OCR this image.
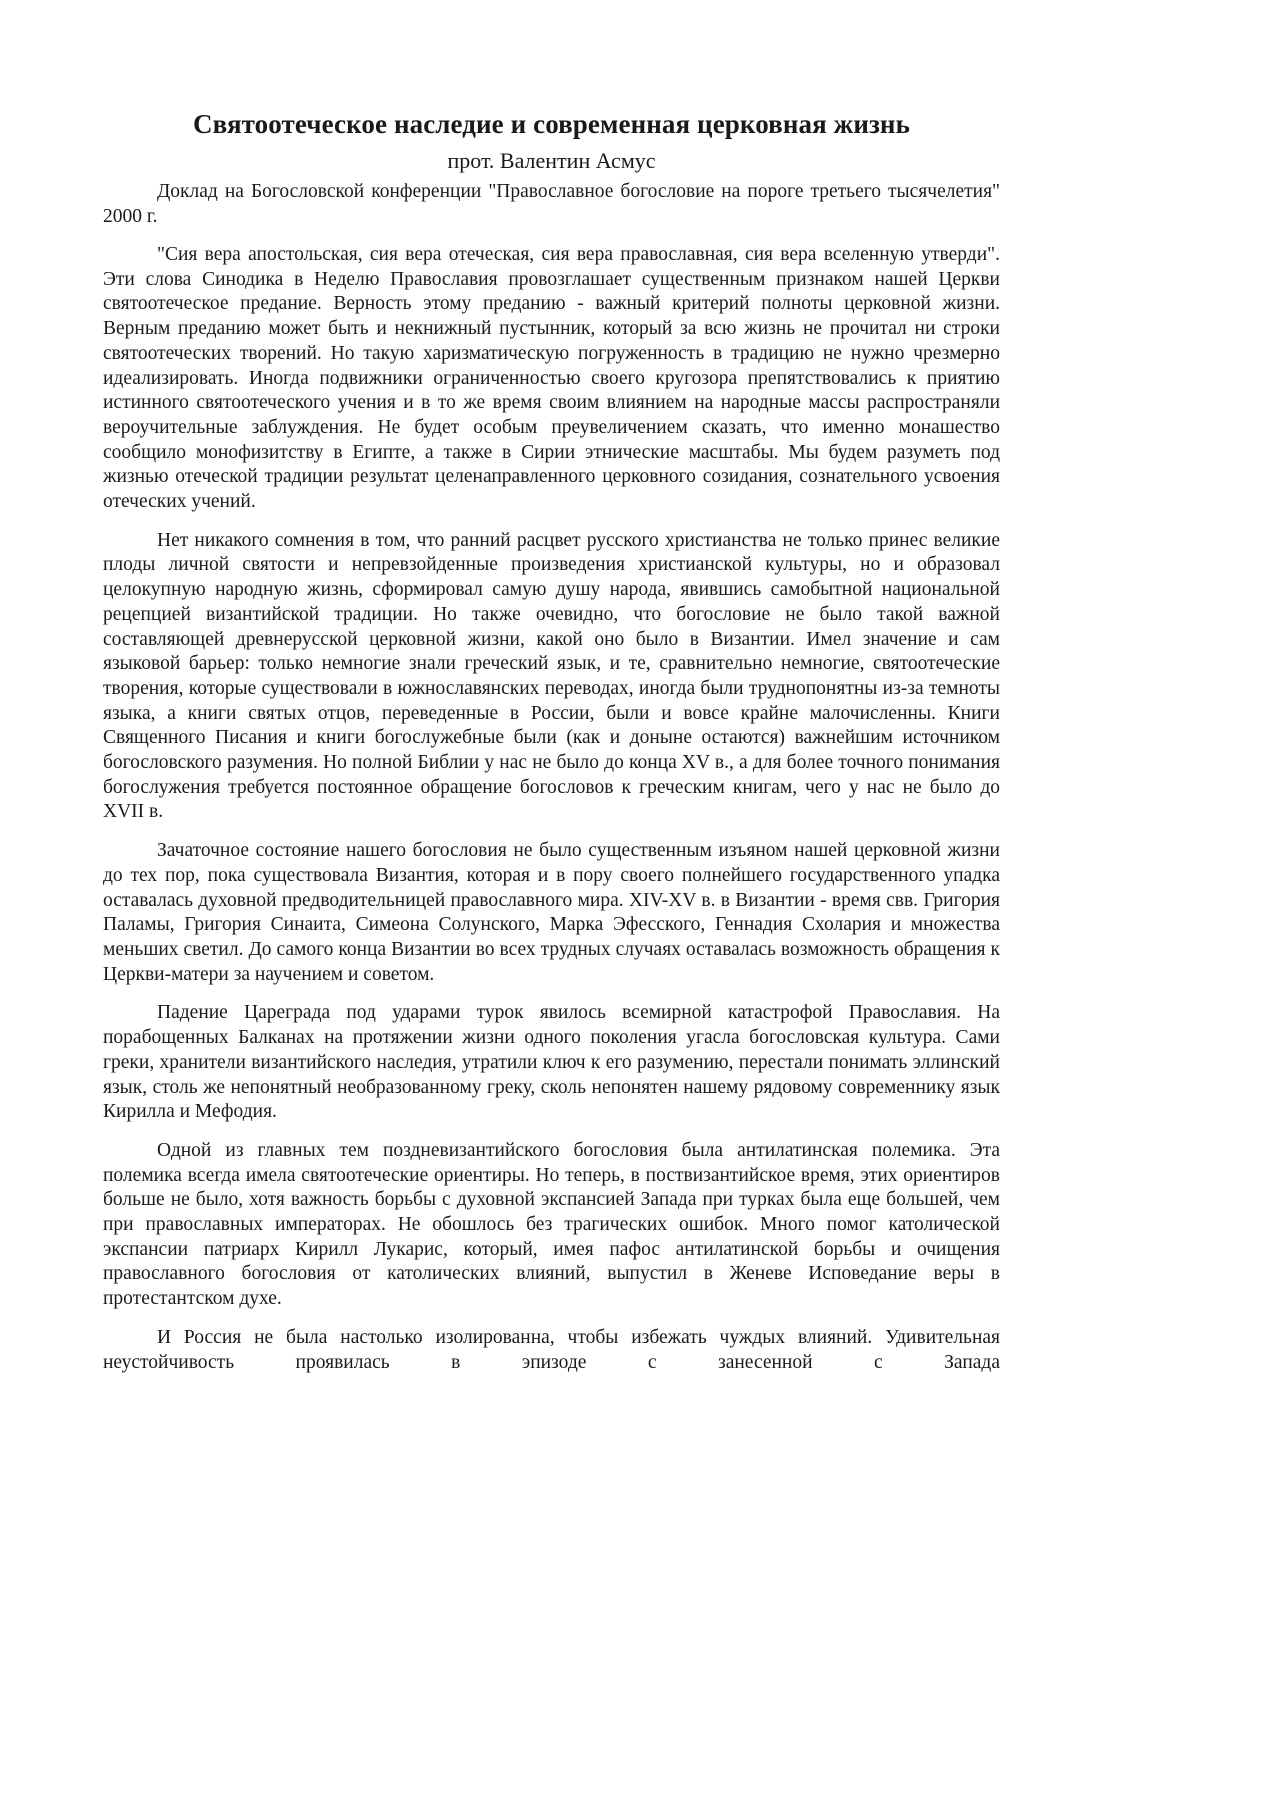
Святоотеческое наследие и современная церковная жизнь
прот. Валентин Асмус

Доклад на Богословской конференции "Православное богословие на пороге третьего тысячелетия" 2000 г.

"Сия вера апостольская, сия вера отеческая, сия вера православная, сия вера вселенную утверди". Эти слова Синодика в Неделю Православия провозглашает существенным признаком нашей Церкви святоотеческое предание. Верность этому преданию - важный критерий полноты церковной жизни. Верным преданию может быть и некнижный пустынник, который за всю жизнь не прочитал ни строки святоотеческих творений. Но такую харизматическую погруженность в традицию не нужно чрезмерно идеализировать. Иногда подвижники ограниченностью своего кругозора препятствовались к приятию истинного святоотеческого учения и в то же время своим влиянием на народные массы распространяли вероучительные заблуждения. Не будет особым преувеличением сказать, что именно монашество сообщило монофизитству в Египте, а также в Сирии этнические масштабы. Мы будем разуметь под жизнью отеческой традиции результат целенаправленного церковного созидания, сознательного усвоения отеческих учений.

Нет никакого сомнения в том, что ранний расцвет русского христианства не только принес великие плоды личной святости и непревзойденные произведения христианской культуры, но и образовал целокупную народную жизнь, сформировал самую душу народа, явившись самобытной национальной рецепцией византийской традиции. Но также очевидно, что богословие не было такой важной составляющей древнерусской церковной жизни, какой оно было в Византии. Имел значение и сам языковой барьер: только немногие знали греческий язык, и те, сравнительно немногие, святоотеческие творения, которые существовали в южнославянских переводах, иногда были труднопонятны из-за темноты языка, а книги святых отцов, переведенные в России, были и вовсе крайне малочисленны. Книги Священного Писания и книги богослужебные были (как и доныне остаются) важнейшим источником богословского разумения. Но полной Библии у нас не было до конца XV в., а для более точного понимания богослужения требуется постоянное обращение богословов к греческим книгам, чего у нас не было до XVII в.

Зачаточное состояние нашего богословия не было существенным изъяном нашей церковной жизни до тех пор, пока существовала Византия, которая и в пору своего полнейшего государственного упадка оставалась духовной предводительницей православного мира. XIV-XV в. в Византии - время свв. Григория Паламы, Григория Синаита, Симеона Солунского, Марка Эфесского, Геннадия Схолария и множества меньших светил. До самого конца Византии во всех трудных случаях оставалась возможность обращения к Церкви-матери за научением и советом.

Падение Цареграда под ударами турок явилось всемирной катастрофой Православия. На порабощенных Балканах на протяжении жизни одного поколения угасла богословская культура. Сами греки, хранители византийского наследия, утратили ключ к его разумению, перестали понимать эллинский язык, столь же непонятный необразованному греку, сколь непонятен нашему рядовому современнику язык Кирилла и Мефодия.

Одной из главных тем поздневизантийского богословия была антилатинская полемика. Эта полемика всегда имела святоотеческие ориентиры. Но теперь, в поствизантийское время, этих ориентиров больше не было, хотя важность борьбы с духовной экспансией Запада при турках была еще большей, чем при православных императорах. Не обошлось без трагических ошибок. Много помог католической экспансии патриарх Кирилл Лукарис, который, имея пафос антилатинской борьбы и очищения православного богословия от католических влияний, выпустил в Женеве Исповедание веры в протестантском духе.

И Россия не была настолько изолированна, чтобы избежать чуждых влияний. Удивительная неустойчивость проявилась в эпизоде с занесенной с Запада
